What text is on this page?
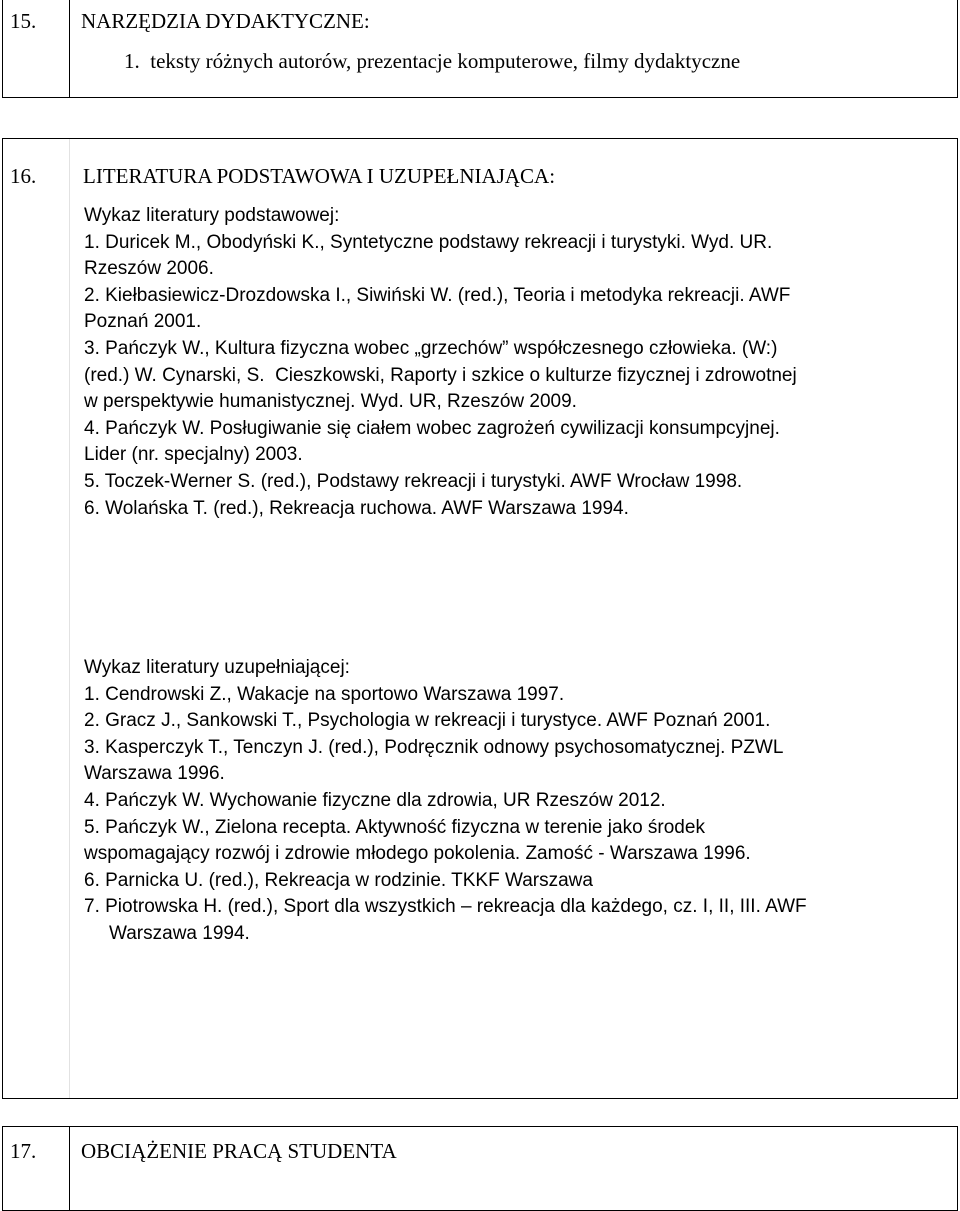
15. NARZĘDZIA DYDAKTYCZNE:
1.  teksty różnych autorów, prezentacje komputerowe, filmy dydaktyczne
16. LITERATURA PODSTAWOWA I UZUPEŁNIAJĄCA:
Wykaz literatury podstawowej:
1. Duricek M., Obodyński K., Syntetyczne podstawy rekreacji i turystyki. Wyd. UR.
Rzeszów 2006.
2. Kiełbasiewicz-Drozdowska I., Siwiński W. (red.), Teoria i metodyka rekreacji. AWF
Poznań 2001.
3. Pańczyk W., Kultura fizyczna wobec „grzechów” współczesnego człowieka. (W:)
(red.) W. Cynarski, S.  Cieszkowski, Raporty i szkice o kulturze fizycznej i zdrowotnej
w perspektywie humanistycznej. Wyd. UR, Rzeszów 2009.
4. Pańczyk W. Posługiwanie się ciałem wobec zagrożeń cywilizacji konsumpcyjnej.
Lider (nr. specjalny) 2003.
5. Toczek-Werner S. (red.), Podstawy rekreacji i turystyki. AWF Wrocław 1998.
6. Wolańska T. (red.), Rekreacja ruchowa. AWF Warszawa 1994.
Wykaz literatury uzupełniającej:
1. Cendrowski Z., Wakacje na sportowo Warszawa 1997.
2. Gracz J., Sankowski T., Psychologia w rekreacji i turystyce. AWF Poznań 2001.
3. Kasperczyk T., Tenczyn J. (red.), Podręcznik odnowy psychosomatycznej. PZWL
Warszawa 1996.
4. Pańczyk W. Wychowanie fizyczne dla zdrowia, UR Rzeszów 2012.
5. Pańczyk W., Zielona recepta. Aktywność fizyczna w terenie jako środek
wspomagający rozwój i zdrowie młodego pokolenia. Zamość - Warszawa 1996.
6. Parnicka U. (red.), Rekreacja w rodzinie. TKKF Warszawa
7. Piotrowska H. (red.), Sport dla wszystkich – rekreacja dla każdego, cz. I, II, III. AWF
Warszawa 1994.
17. OBCIĄŻENIE PRACĄ STUDENTA
